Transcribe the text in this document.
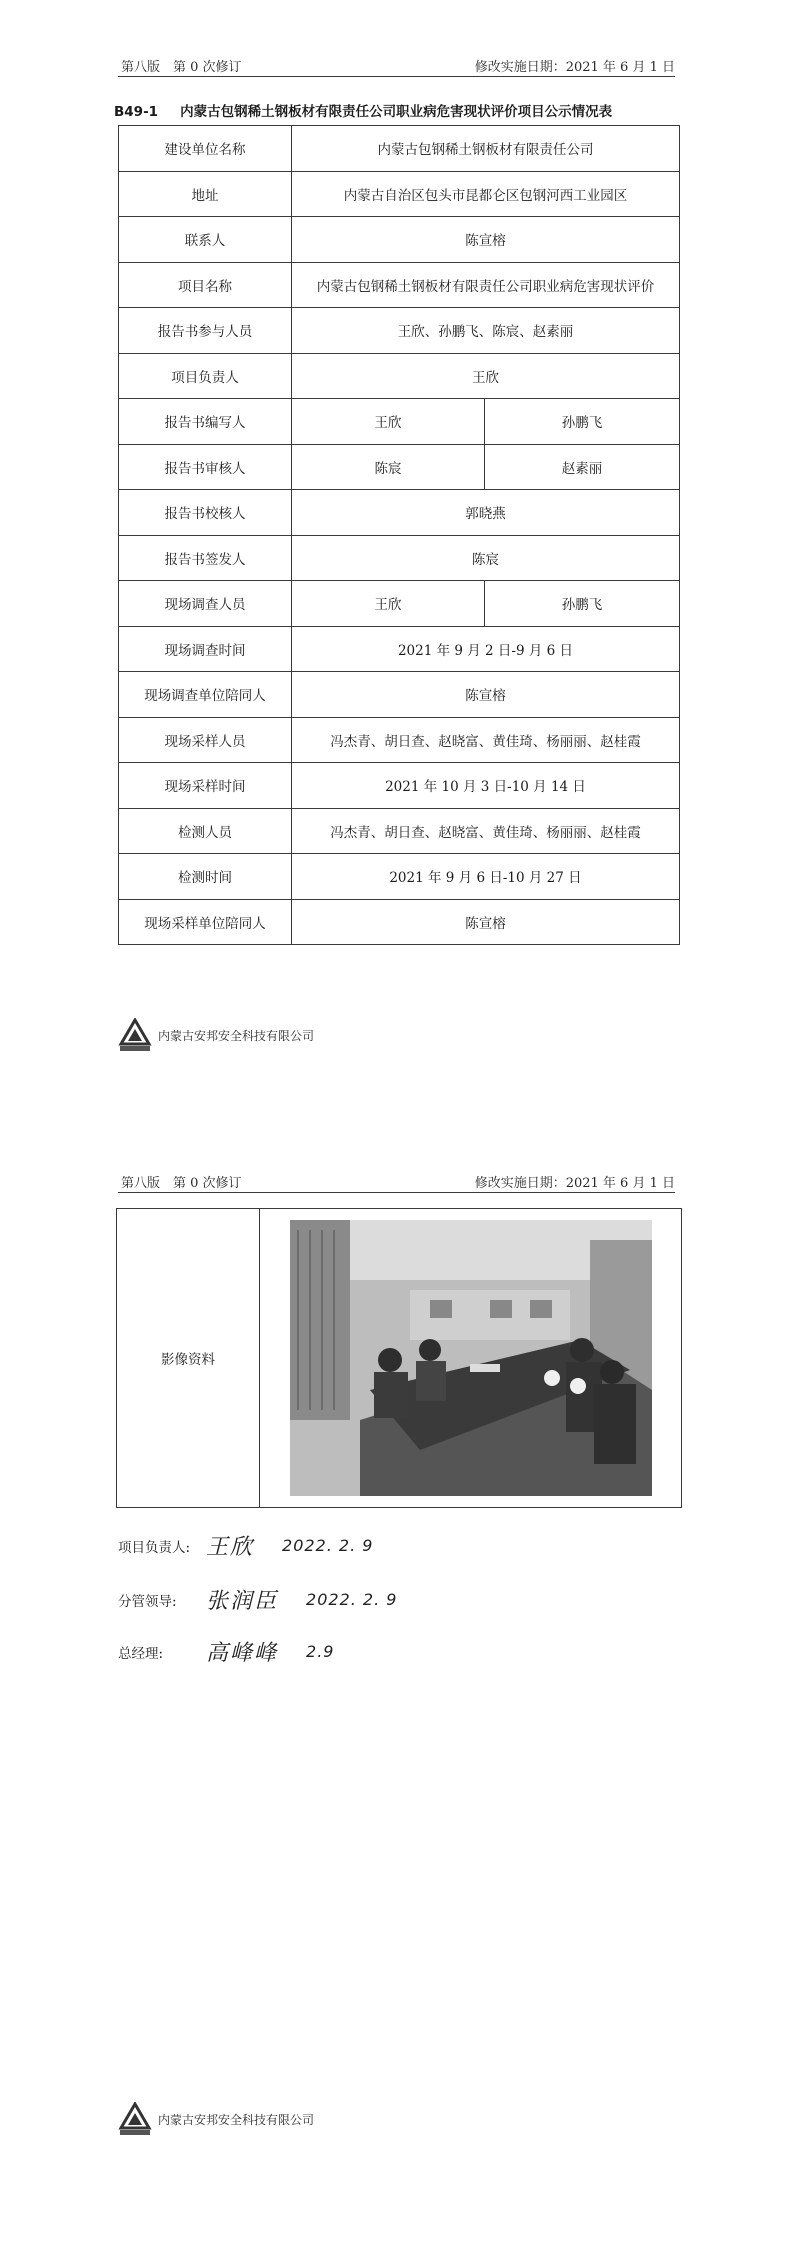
第八版　第 0 次修订	修改实施日期：2021 年 6 月 1 日
B49-1 内蒙古包钢稀土钢板材有限责任公司职业病危害现状评价项目公示情况表
建设单位名称	内蒙古包钢稀土钢板材有限责任公司	
地址	内蒙古自治区包头市昆都仑区包钢河西工业园区	
联系人	陈宣榕	
项目名称	内蒙古包钢稀土钢板材有限责任公司职业病危害现状评价	
报告书参与人员	王欣、孙鹏飞、陈宸、赵素丽	
项目负责人	王欣	
报告书编写人	王欣	孙鹏飞
报告书审核人	陈宸	赵素丽
报告书校核人	郭晓燕	
报告书签发人	陈宸	
现场调查人员	王欣	孙鹏飞
现场调查时间	2021 年 9 月 2 日-9 月 6 日	
现场调查单位陪同人	陈宣榕	
现场采样人员	冯杰青、胡日查、赵晓富、黄佳琦、杨丽丽、赵桂霞	
现场采样时间	2021 年 10 月 3 日-10 月 14 日	
检测人员	冯杰青、胡日查、赵晓富、黄佳琦、杨丽丽、赵桂霞	
检测时间	2021 年 9 月 6 日-10 月 27 日	
现场采样单位陪同人	陈宣榕	
内蒙古安邦安全科技有限公司
第八版　第 0 次修订	修改实施日期：2021 年 6 月 1 日
影像资料	
项目负责人: 王欣 2022. 2. 9
分管领导:	张润臣 2022. 2. 9
总经理:	高峰峰 2.9
内蒙古安邦安全科技有限公司
